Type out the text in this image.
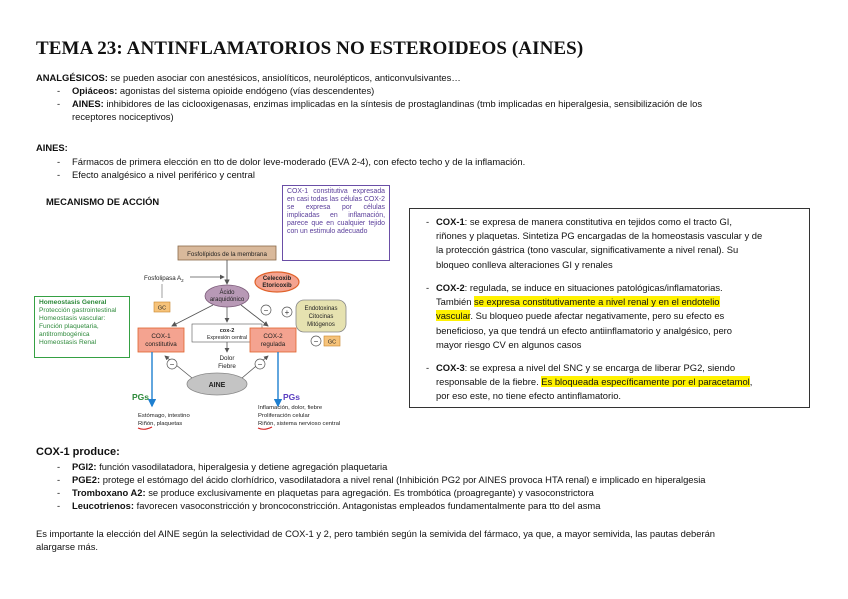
TEMA 23: ANTINFLAMATORIOS NO ESTEROIDEOS (AINES)
ANALGÉSICOS: se pueden asociar con anestésicos, ansiolíticos, neurolépticos, anticonvulsivantes…
- Opiáceos: agonistas del sistema opioide endógeno (vías descendentes)
- AINES: inhibidores de las ciclooxigenasas, enzimas implicadas en la síntesis de prostaglandinas (tmb implicadas en hiperalgesia, sensibilización de los
receptores nociceptivos)
AINES:
- Fármacos de primera elección en tto de dolor leve-moderado (EVA 2-4), con efecto techo y de la inflamación.
- Efecto analgésico a nivel periférico y central
MECANISMO DE ACCIÓN
COX-1 constitutiva expresada en casi todas las células COX-2 se expresa por células implicadas en inflamación, parece que en cualquier tejido con un estimulo adecuado
Homeostasis General
Protección gastrointestinal
Homeostasis vascular:
Función plaquetaria,
antitrombogénica
Homeostasis Renal
Fosfolípidos de la membrana
Fosfolipasa $A_2$
GC
Ácido
araquidónico
Celecoxib
Etoricoxib
Endotoxinas
Citocinas
Mitógenos
− +
COX-1
constitutiva
cox-2
Expresión central	COX-2
regulada	− GC
Dolor
Fiebre
AINE
−	−
PGs	PGs
Estómago, intestino
Riñón, plaquetas
Inflamación, dolor, fiebre
Proliferación celular
Riñón, sistema nervioso central
- COX-1: se expresa de manera constitutiva en tejidos como el tracto GI,
riñones y plaquetas. Sintetiza PG encargadas de la homeostasis vascular y de
la protección gástrica (tono vascular, significativamente a nivel renal). Su
bloqueo conlleva alteraciones GI y renales
- COX-2: regulada, se induce en situaciones patológicas/inflamatorias.
También se expresa constitutivamente a nivel renal y en el endotelio
vascular. Su bloqueo puede afectar negativamente, pero su efecto es
beneficioso, ya que tendrá un efecto antiinflamatorio y analgésico, pero
mayor riesgo CV en algunos casos
- COX-3: se expresa a nivel del SNC y se encarga de liberar PG2, siendo
responsable de la fiebre. Es bloqueada específicamente por el paracetamol,
por eso este, no tiene efecto antinflamatorio.
COX-1 produce:
- PGI2: función vasodilatadora, hiperalgesia y detiene agregación plaquetaria
- PGE2: protege el estómago del ácido clorhídrico, vasodilatadora a nivel renal (Inhibición PG2 por AINES provoca HTA renal) e implicado en hiperalgesia
- Tromboxano A2: se produce exclusivamente en plaquetas para agregación. Es trombótica (proagregante) y vasoconstrictora
- Leucotrienos: favorecen vasoconstricción y broncoconstricción. Antagonistas empleados fundamentalmente para tto del asma
Es importante la elección del AINE según la selectividad de COX-1 y 2, pero también según la semivida del fármaco, ya que, a mayor semivida, las pautas deberán
alargarse más.
